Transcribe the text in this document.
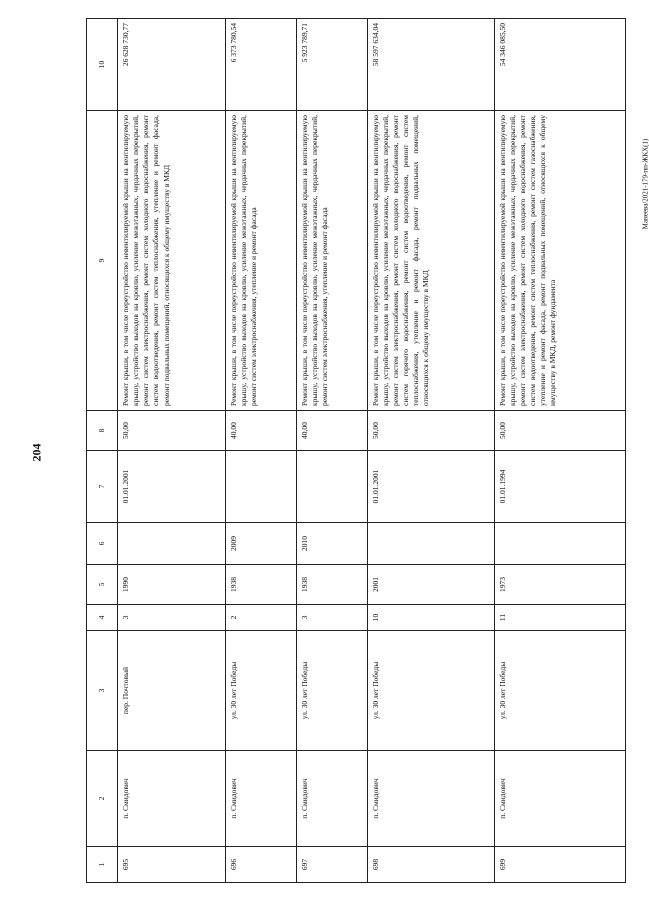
204
Манеева/2021-179-пп-ЖКХ(1)
1	2	3	4	5	6	7	8	9	10
695	п. Смидович	пер. Почтовый	3	1990		01.01.2001	50,00	Ремонт крыши, в том числе переустройство невентилируемой крыши на вентилируемую крышу, устройство выходов на кровлю, усиление межэтажных, чердачных перекрытий, ремонт систем электроснабжения, ремонт систем холодного водоснабжения, ремонт систем водоотведения, ремонт систем теплоснабжения, утепление и ремонт фасада, ремонт подвальных помещений, относящихся к общему имуществу в МКД	26 628 730,77
696	п. Смидович	ул. 30 лет Победы	2	1938	2009		40,00	Ремонт крыши, в том числе переустройство невентилируемой крыши на вентилируемую крышу, устройство выходов на кровлю, усиление межэтажных, чердачных перекрытий, ремонт систем электроснабжения, утепление и ремонт фасада	6 373 780,54
697	п. Смидович	ул. 30 лет Победы	3	1938	2010		40,00	Ремонт крыши, в том числе переустройство невентилируемой крыши на вентилируемую крышу, устройство выходов на кровлю, усиление межэтажных, чердачных перекрытий, ремонт систем электроснабжения, утепление и ремонт фасада	5 923 789,71
698	п. Смидович	ул. 30 лет Победы	10	2001		01.01.2001	50,00	Ремонт крыши, в том числе переустройство невентилируемой крыши на вентилируемую крышу, устройство выходов на кровлю, усиление межэтажных, чердачных перекрытий, ремонт систем электроснабжения, ремонт систем холодного водоснабжения, ремонт систем горячего водоснабжения, ремонт систем водоотведения, ремонт систем теплоснабжения, утепление и ремонт фасада, ремонт подвальных помещений, относящихся к общему имуществу в МКД	58 597 634,04
699	п. Смидович	ул. 30 лет Победы	11	1973		01.01.1994	50,00	Ремонт крыши, в том числе переустройство невентилируемой крыши на вентилируемую крышу, устройство выходов на кровлю, усиление межэтажных, чердачных перекрытий, ремонт систем электроснабжения, ремонт систем холодного водоснабжения, ремонт систем водоотведения, ремонт систем теплоснабжения, ремонт систем газоснабжения, утепление и ремонт фасада, ремонт подвальных помещений, относящихся к общему имуществу в МКД, ремонт фундамента	54 346 085,50
